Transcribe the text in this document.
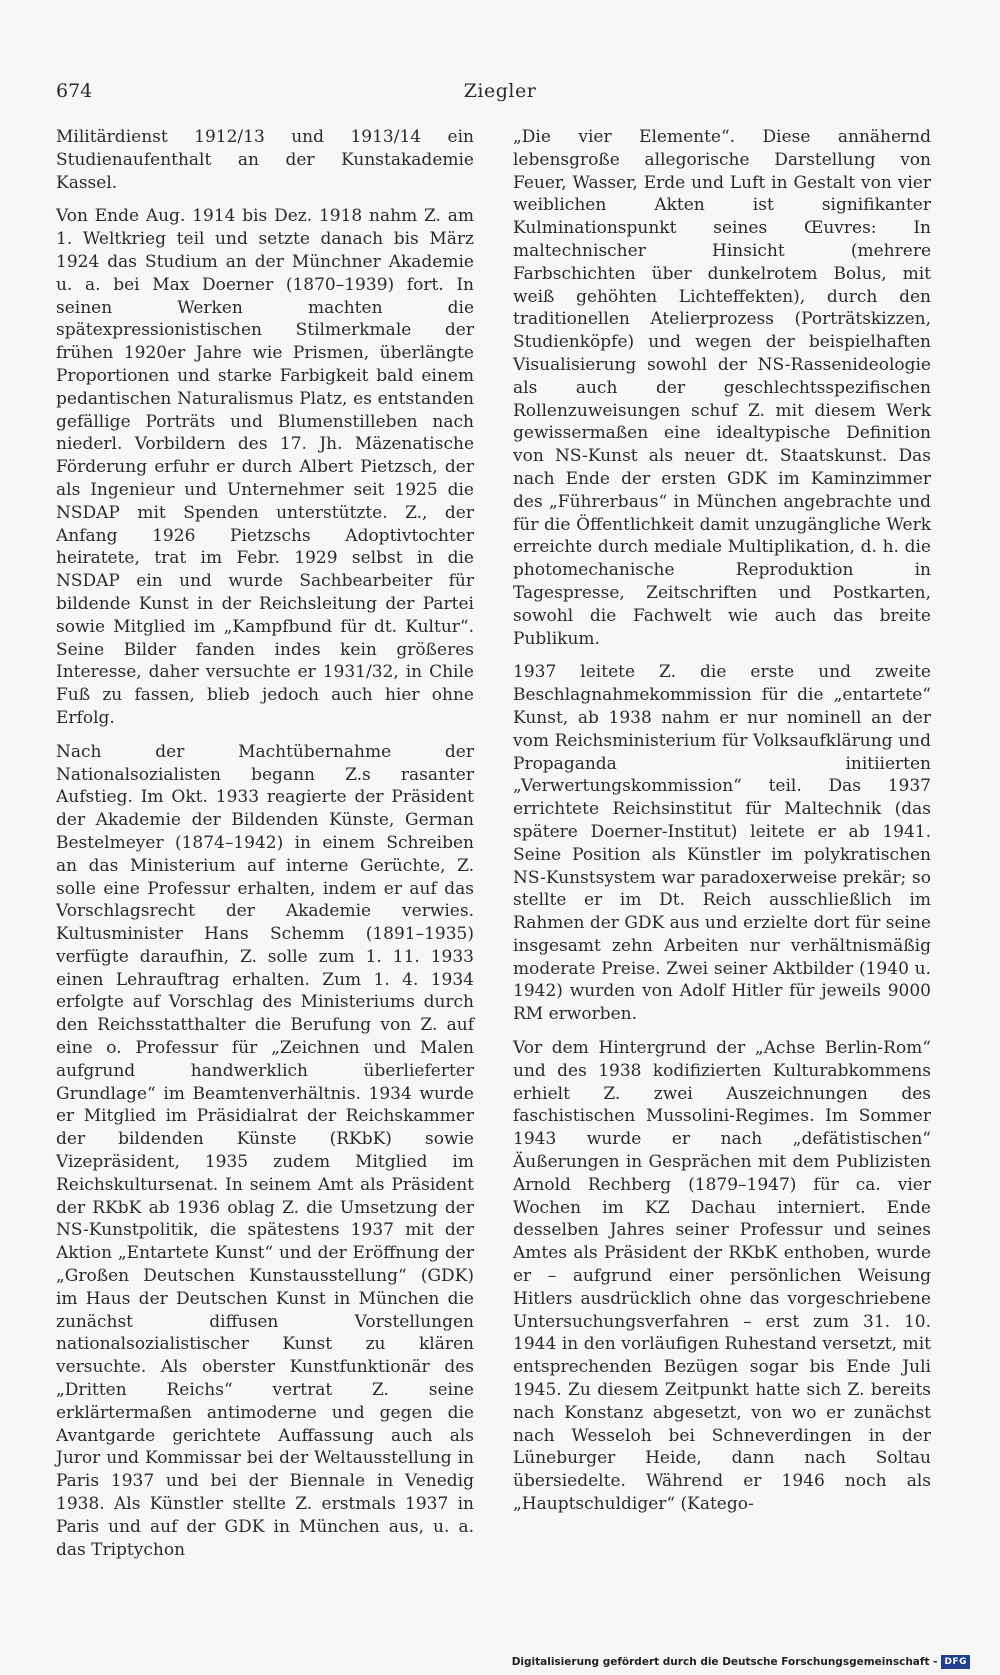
674	Ziegler

Militärdienst 1912/13 und 1913/14 ein Studienaufenthalt an der Kunstakademie Kassel.

Von Ende Aug. 1914 bis Dez. 1918 nahm Z. am 1. Weltkrieg teil und setzte danach bis März 1924 das Studium an der Münchner Akademie u. a. bei Max Doerner (1870–1939) fort. In seinen Werken machten die spätexpressionistischen Stilmerkmale der frühen 1920er Jahre wie Prismen, überlängte Proportionen und starke Farbigkeit bald einem pedantischen Naturalismus Platz, es entstanden gefällige Porträts und Blumenstilleben nach niederl. Vorbildern des 17. Jh. Mäzenatische Förderung erfuhr er durch Albert Pietzsch, der als Ingenieur und Unternehmer seit 1925 die NSDAP mit Spenden unterstützte. Z., der Anfang 1926 Pietzschs Adoptivtochter heiratete, trat im Febr. 1929 selbst in die NSDAP ein und wurde Sachbearbeiter für bildende Kunst in der Reichsleitung der Partei sowie Mitglied im „Kampfbund für dt. Kultur“. Seine Bilder fanden indes kein größeres Interesse, daher versuchte er 1931/32, in Chile Fuß zu fassen, blieb jedoch auch hier ohne Erfolg.

Nach der Machtübernahme der Nationalsozialisten begann Z.s rasanter Aufstieg. Im Okt. 1933 reagierte der Präsident der Akademie der Bildenden Künste, German Bestelmeyer (1874–1942) in einem Schreiben an das Ministerium auf interne Gerüchte, Z. solle eine Professur erhalten, indem er auf das Vorschlagsrecht der Akademie verwies. Kultusminister Hans Schemm (1891–1935) verfügte daraufhin, Z. solle zum 1. 11. 1933 einen Lehrauftrag erhalten. Zum 1. 4. 1934 erfolgte auf Vorschlag des Ministeriums durch den Reichsstatthalter die Berufung von Z. auf eine o. Professur für „Zeichnen und Malen aufgrund handwerklich überlieferter Grundlage“ im Beamtenverhältnis. 1934 wurde er Mitglied im Präsidialrat der Reichskammer der bildenden Künste (RKbK) sowie Vizepräsident, 1935 zudem Mitglied im Reichskultursenat. In seinem Amt als Präsident der RKbK ab 1936 oblag Z. die Umsetzung der NS-Kunstpolitik, die spätestens 1937 mit der Aktion „Entartete Kunst“ und der Eröffnung der „Großen Deutschen Kunstausstellung“ (GDK) im Haus der Deutschen Kunst in München die zunächst diffusen Vorstellungen nationalsozialistischer Kunst zu klären versuchte. Als oberster Kunstfunktionär des „Dritten Reichs“ vertrat Z. seine erklärtermaßen antimoderne und gegen die Avantgarde gerichtete Auffassung auch als Juror und Kommissar bei der Weltausstellung in Paris 1937 und bei der Biennale in Venedig 1938. Als Künstler stellte Z. erstmals 1937 in Paris und auf der GDK in München aus, u. a. das Triptychon

„Die vier Elemente“. Diese annähernd lebensgroße allegorische Darstellung von Feuer, Wasser, Erde und Luft in Gestalt von vier weiblichen Akten ist signifikanter Kulminationspunkt seines Œuvres: In maltechnischer Hinsicht (mehrere Farbschichten über dunkelrotem Bolus, mit weiß gehöhten Lichteffekten), durch den traditionellen Atelierprozess (Porträtskizzen, Studienköpfe) und wegen der beispielhaften Visualisierung sowohl der NS-Rassenideologie als auch der geschlechtsspezifischen Rollenzuweisungen schuf Z. mit diesem Werk gewissermaßen eine idealtypische Definition von NS-Kunst als neuer dt. Staatskunst. Das nach Ende der ersten GDK im Kaminzimmer des „Führerbaus“ in München angebrachte und für die Öffentlichkeit damit unzugängliche Werk erreichte durch mediale Multiplikation, d. h. die photomechanische Reproduktion in Tagespresse, Zeitschriften und Postkarten, sowohl die Fachwelt wie auch das breite Publikum.

1937 leitete Z. die erste und zweite Beschlagnahmekommission für die „entartete“ Kunst, ab 1938 nahm er nur nominell an der vom Reichsministerium für Volksaufklärung und Propaganda initiierten „Verwertungskommission“ teil. Das 1937 errichtete Reichsinstitut für Maltechnik (das spätere Doerner-Institut) leitete er ab 1941. Seine Position als Künstler im polykratischen NS-Kunstsystem war paradoxerweise prekär; so stellte er im Dt. Reich ausschließlich im Rahmen der GDK aus und erzielte dort für seine insgesamt zehn Arbeiten nur verhältnismäßig moderate Preise. Zwei seiner Aktbilder (1940 u. 1942) wurden von Adolf Hitler für jeweils 9000 RM erworben.

Vor dem Hintergrund der „Achse Berlin-Rom“ und des 1938 kodifizierten Kulturabkommens erhielt Z. zwei Auszeichnungen des faschistischen Mussolini-Regimes. Im Sommer 1943 wurde er nach „defätistischen“ Äußerungen in Gesprächen mit dem Publizisten Arnold Rechberg (1879–1947) für ca. vier Wochen im KZ Dachau interniert. Ende desselben Jahres seiner Professur und seines Amtes als Präsident der RKbK enthoben, wurde er – aufgrund einer persönlichen Weisung Hitlers ausdrücklich ohne das vorgeschriebene Untersuchungsverfahren – erst zum 31. 10. 1944 in den vorläufigen Ruhestand versetzt, mit entsprechenden Bezügen sogar bis Ende Juli 1945. Zu diesem Zeitpunkt hatte sich Z. bereits nach Konstanz abgesetzt, von wo er zunächst nach Wesseloh bei Schneverdingen in der Lüneburger Heide, dann nach Soltau übersiedelte. Während er 1946 noch als „Hauptschuldiger“ (Katego-

Digitalisierung gefördert durch die Deutsche Forschungsgemeinschaft - DFG
